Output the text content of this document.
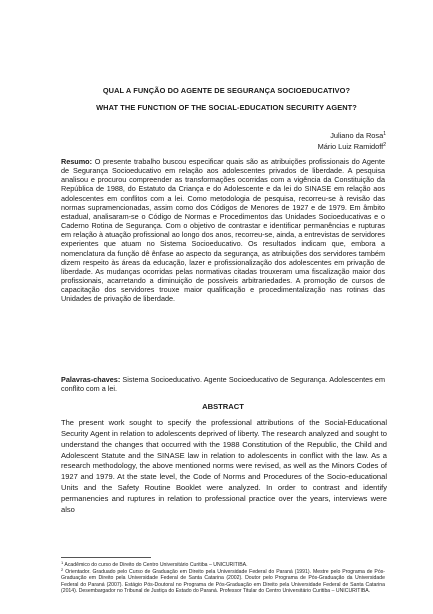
QUAL A FUNÇÃO DO AGENTE DE SEGURANÇA SOCIOEDUCATIVO?
WHAT THE FUNCTION OF THE SOCIAL-EDUCATION SECURITY AGENT?
Juliano da Rosa$^1$
Mário Luiz Ramidoff$^2$

Resumo: O presente trabalho buscou especificar quais são as atribuições profissionais do Agente de Segurança Socioeducativo em relação aos adolescentes privados de liberdade. A pesquisa analisou e procurou compreender as transformações ocorridas com a vigência da Constituição da República de 1988, do Estatuto da Criança e do Adolescente e da lei do SINASE em relação aos adolescentes em conflitos com a lei. Como metodologia de pesquisa, recorreu-se à revisão das normas supramencionadas, assim como dos Códigos de Menores de 1927 e de 1979. Em âmbito estadual, analisaram-se o Código de Normas e Procedimentos das Unidades Socioeducativas e o Caderno Rotina de Segurança. Com o objetivo de contrastar e identificar permanências e rupturas em relação à atuação profissional ao longo dos anos, recorreu-se, ainda, a entrevistas de servidores experientes que atuam no Sistema Socioeducativo. Os resultados indicam que, embora a nomenclatura da função dê ênfase ao aspecto da segurança, as atribuições dos servidores também dizem respeito às áreas da educação, lazer e profissionalização dos adolescentes em privação de liberdade. As mudanças ocorridas pelas normativas citadas trouxeram uma fiscalização maior dos profissionais, acarretando a diminuição de possíveis arbitrariedades. A promoção de cursos de capacitação dos servidores trouxe maior qualificação e procedimentalização nas rotinas das Unidades de privação de liberdade.

Palavras-chaves: Sistema Socioeducativo. Agente Socioeducativo de Segurança. Adolescentes em conflito com a lei.

ABSTRACT

The present work sought to specify the professional attributions of the Social-Educational Security Agent in relation to adolescents deprived of liberty. The research analyzed and sought to understand the changes that occurred with the 1988 Constitution of the Republic, the Child and Adolescent Statute and the SINASE law in relation to adolescents in conflict with the law. As a research methodology, the above mentioned norms were revised, as well as the Minors Codes of 1927 and 1979. At the state level, the Code of Norms and Procedures of the Socio-educational Units and the Safety Routine Booklet were analyzed. In order to contrast and identify permanencies and ruptures in relation to professional practice over the years, interviews were also

$^1$ Acadêmico do curso de Direito do Centro Universitário Curitiba – UNICURITIBA.

$^2$ Orientador. Graduado pelo Curso de Graduação em Direito pela Universidade Federal do Paraná (1991). Mestre pelo Programa de Pós-Graduação em Direito pela Universidade Federal de Santa Catarina (2002). Doutor pelo Programa de Pós-Graduação da Universidade Federal do Paraná (2007). Estágio Pós-Doutoral no Programa de Pós-Graduação em Direito pela Universidade Federal de Santa Catarina (2014). Desembargador no Tribunal de Justiça do Estado do Paraná. Professor Titular do Centro Universitário Curitiba – UNICURITIBA.
